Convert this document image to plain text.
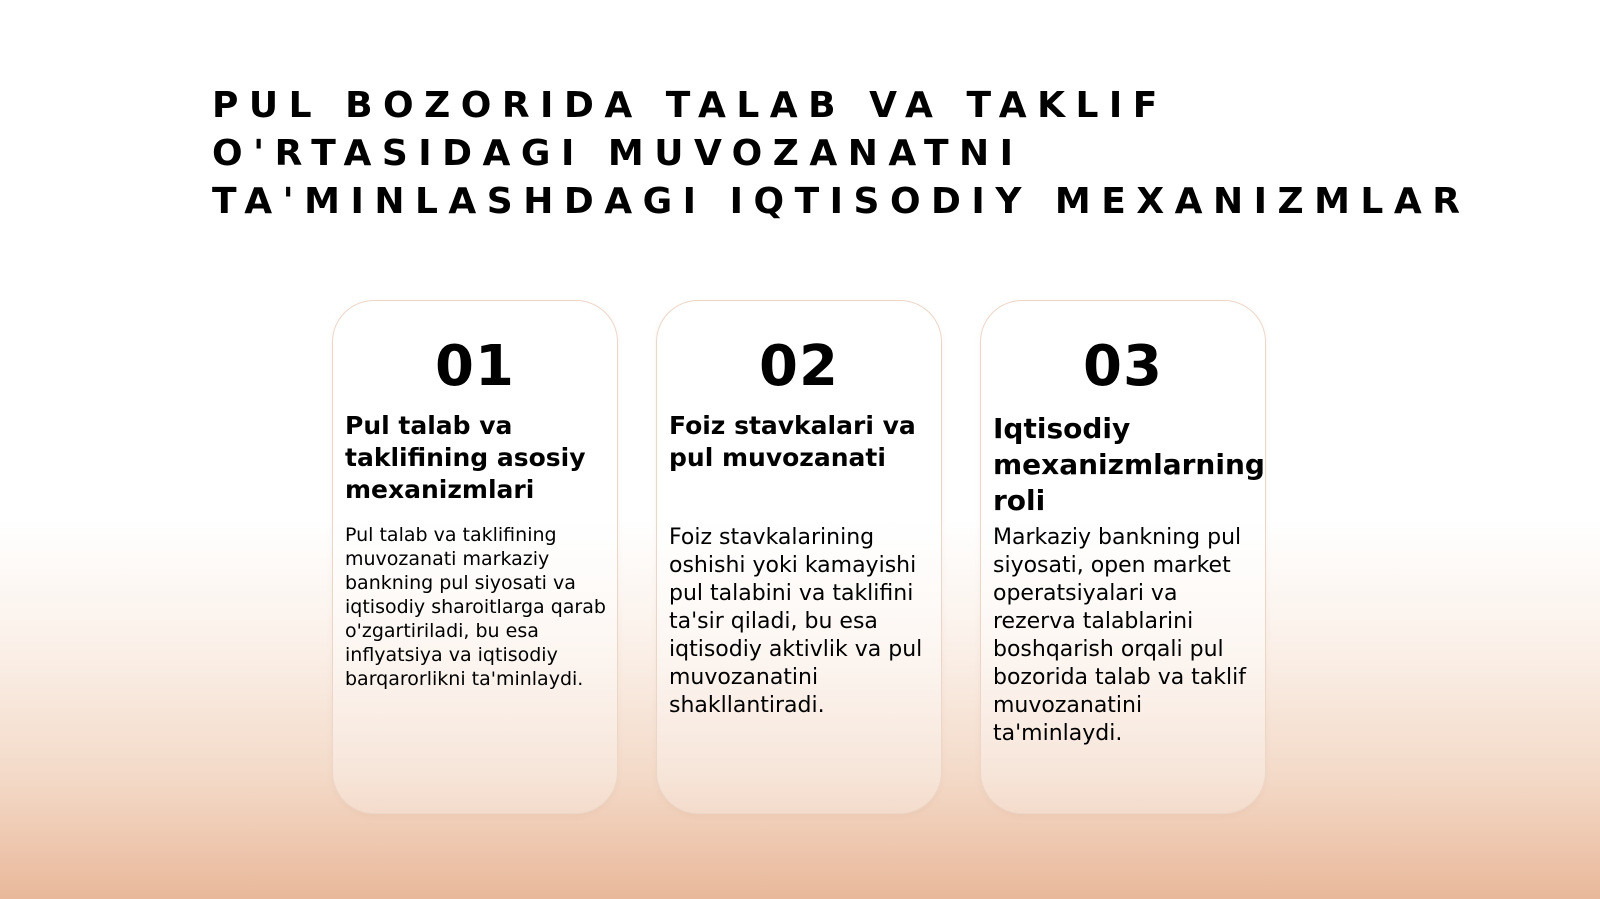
PUL BOZORIDA TALAB VA TAKLIF
O'RTASIDAGI MUVOZANATNI
TA'MINLASHDAGI IQTISODIY MEXANIZMLAR
01
Pul talab va
taklifining asosiy
mexanizmlari

Pul talab va taklifining
muvozanati markaziy
bankning pul siyosati va
iqtisodiy sharoitlarga qarab
o'zgartiriladi, bu esa
inflyatsiya va iqtisodiy
barqarorlikni ta'minlaydi.

02
Foiz stavkalari va
pul muvozanati

Foiz stavkalarining
oshishi yoki kamayishi
pul talabini va taklifini
ta'sir qiladi, bu esa
iqtisodiy aktivlik va pul
muvozanatini
shakllantiradi.

03
Iqtisodiy
mexanizmlarning
roli

Markaziy bankning pul
siyosati, open market
operatsiyalari va
rezerva talablarini
boshqarish orqali pul
bozorida talab va taklif
muvozanatini
ta'minlaydi.
